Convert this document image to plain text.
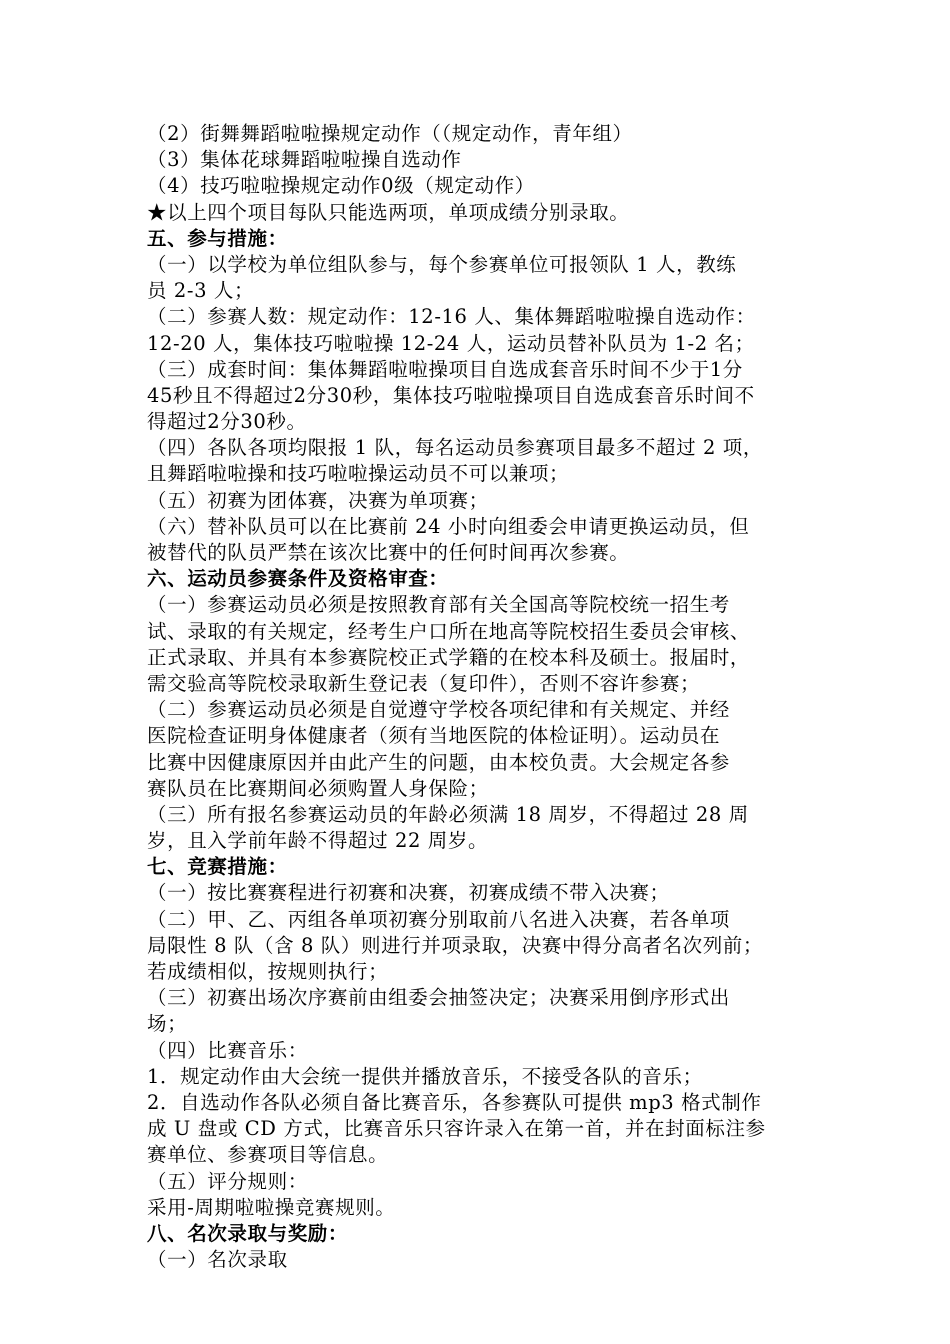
（2）街舞舞蹈啦啦操规定动作（（规定动作，青年组）
（3）集体花球舞蹈啦啦操自选动作
（4）技巧啦啦操规定动作0级（规定动作）
★以上四个项目每队只能选两项，单项成绩分别录取。
五、参与措施：
（一）以学校为单位组队参与，每个参赛单位可报领队 1 人，教练
员 2-3 人；
（二）参赛人数：规定动作：12-16 人、集体舞蹈啦啦操自选动作：
12-20 人，集体技巧啦啦操 12-24 人，运动员替补队员为 1-2 名；
（三）成套时间：集体舞蹈啦啦操项目自选成套音乐时间不少于1分
45秒且不得超过2分30秒，集体技巧啦啦操项目自选成套音乐时间不
得超过2分30秒。
（四）各队各项均限报 1 队，每名运动员参赛项目最多不超过 2 项，
且舞蹈啦啦操和技巧啦啦操运动员不可以兼项；
（五）初赛为团体赛，决赛为单项赛；
（六）替补队员可以在比赛前 24 小时向组委会申请更换运动员，但
被替代的队员严禁在该次比赛中的任何时间再次参赛。
六、运动员参赛条件及资格审查：
（一）参赛运动员必须是按照教育部有关全国高等院校统一招生考
试、录取的有关规定，经考生户口所在地高等院校招生委员会审核、
正式录取、并具有本参赛院校正式学籍的在校本科及硕士。报届时，
需交验高等院校录取新生登记表（复印件），否则不容许参赛；
（二）参赛运动员必须是自觉遵守学校各项纪律和有关规定、并经
医院检查证明身体健康者（须有当地医院的体检证明）。运动员在
比赛中因健康原因并由此产生的问题，由本校负责。大会规定各参
赛队员在比赛期间必须购置人身保险；
（三）所有报名参赛运动员的年龄必须满 18 周岁，不得超过 28 周
岁，且入学前年龄不得超过 22 周岁。
七、竞赛措施：
（一）按比赛赛程进行初赛和决赛，初赛成绩不带入决赛；
（二）甲、乙、丙组各单项初赛分别取前八名进入决赛，若各单项
局限性 8 队（含 8 队）则进行并项录取，决赛中得分高者名次列前；
若成绩相似，按规则执行；
（三）初赛出场次序赛前由组委会抽签决定；决赛采用倒序形式出
场；
（四）比赛音乐：
1．规定动作由大会统一提供并播放音乐，不接受各队的音乐；
2．自选动作各队必须自备比赛音乐，各参赛队可提供 mp3 格式制作
成 U 盘或 CD 方式，比赛音乐只容许录入在第一首，并在封面标注参
赛单位、参赛项目等信息。
（五）评分规则：
采用-周期啦啦操竞赛规则。
八、名次录取与奖励：
（一）名次录取
